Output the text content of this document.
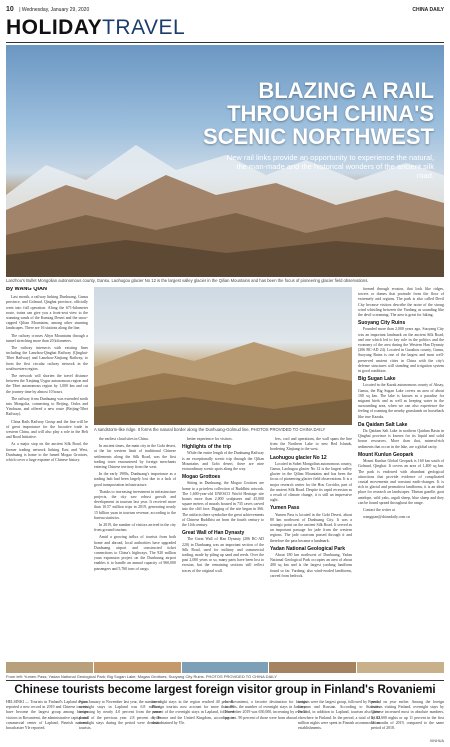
10 | Wednesday, January 29, 2020	CHINA DAILY
HOLIDAYTRAVEL
BLAZING A RAIL THROUGH CHINA'S SCENIC NORTHWEST
New rail links provide an opportunity to experience the natural, the man-made and the historical wonders of the ancient silk road.
Lanzhou's Bullet Mongolian autonomous county, Gansu. Laohugou glacier No 12 is the largest valley glacier in the Qilian Mountains and has been the focus of pioneering glacier field observations.
By WANG QIAN

Last month, a railway linking Dunhuang, Gansu province, and Golmud, Qinghai province, officially went into full operation. Along the 671-kilometer route, trains can give you a front-seat view to the stunning sands of the Kumtag Desert and the snow-capped Qilian Mountains, among other stunning landscapes. There are 16 stations along the line.

The railway crosses Altyn Mountains through a tunnel stretching more than 20 kilometers.

The railway intersects with existing lines including the Lanzhou-Qinghai Railway (Qinghai-Tibet Railway) and Lanzhou-Xinjiang Railway, to form the first circular railway network in the southwestern region.

The network will shorten the travel distance between the Xinjiang Uygur autonomous region and the Tibet autonomous region by 1,000 km and cut the journey time by almost 10 hours.

The railway from Dunhuang was extended north into Mongolia, connecting to Beijing, Ordos and Yinchuan, and offered a new route (Beijing-Tibet Railway).

China Rails Railway Group and the line will be of great importance for the lucrative trade in western China, and will also play a role in the Belt and Road Initiative.

As a major stop on the ancient Silk Road, the former trading network linking East and West, Dunhuang is home to the famed Mogao Grottoes, which cover a large expanse of Chinese history.

A sandstorm-like ridge. It forms the natural border along the Dunhuang-Golmud line. PHOTOS PROVIDED TO CHINA DAILY

the earliest cloud sites in China.

In ancient times, the main city in the Gobi desert, at the far western limit of traditional Chinese settlements along the Silk Road, was the first trading town encountered by foreign merchants entering Chinese territory from the west.

In the early 1900s, Dunhuang's importance as a trading hub had been largely lost due to a lack of good transportation infrastructure.

Thanks to increasing investment in infrastructure projects, the city saw robust growth and development in tourism last year. It received more than 10.57 million trips in 2019, generating nearly 15 billion yuan in tourism revenue, according to the bureau statistics.

In 2019, the number of visitors arrived in the city from ground tourism.

Amid a growing influx of tourists from both home and abroad, local authorities have upgraded Dunhuang airport and constructed ticket connections to China's highways. The 920 million yuan expansion project on the Dunhuang airport enables it to handle an annual capacity of 960,000 passengers and 5,760 tons of cargo.

better experience for visitors.

Highlights of the trip

While the entire length of the Dunhuang Railway is an exceptionally scenic trip through the Qilian Mountains and Gobi desert, there are nine extraordinary scenic spots along the way.

Mogao Grottoes

Sitting in Dunhuang, the Mogao Grottoes are home to a priceless collection of Buddhist artwork. The 1,600-year-old UNESCO World Heritage site boasts more than 2,000 sculptures and 45,000 square meters of murals housed in 735 caves carved into the cliff face. Digging of the site began in 366. The artifacts there symbolize the great achievements of Chinese Buddhist art from the fourth century to the 14th century.

Great Wall of Han Dynasty

The Great Wall of Han Dynasty (206 BC-AD 220) in Dunhuang was an important section of the Silk Road, used for military and commercial trading, made by piling up sand and reeds. Over the past 2,000 years or so, many parts have been lost to erosion, but the remaining sections still reflect traces of the original wall.

lers, cool and operations, the wall spans the line from the Northern Lake to new Red Islands, bordering Xinjiang to the west.

Laohugou glacier No 12

Located in Subei Mongolian autonomous county, Gansu, Laohugou glacier No 12 is the largest valley glacier in the Qilian Mountains and has been the focus of pioneering glacier field observations. It is a major research center for the Hou Corridor, part of the ancient Silk Road. Despite its rapid recession as a result of climate change, it is still an impressive sight.

Yumen Pass

Yumen Pass is located in the Gobi Desert, about 80 km northwest of Dunhuang City. It was a strategic point on the ancient Silk Road. It served as an important passage for jade from the western regions. The jade caravans passed through it and therefore the pass became a landmark.

Yadan National Geological Park

About 180 km northwest of Dunhuang, Yadan National Geological Park occupies an area of about 400 sq km and is the largest yardang landform found so far. Yardang, also wind-eroded landforms, carved from bedrock.

formed through erosion, that look like ridges, towers or domes that protrude from the floor of extremely arid regions. The park is also called Devil City because visitors describe the noise of the strong wind whistling between the Yardang as sounding like the devil screaming. The area is great for hiking.

Suoyang City Ruins

Founded more than 2,000 years ago, Suoyang City was an important landmark on the ancient Silk Road, and one which led to key role in the politics and the economy of the area during the Western Han Dynasty (206 BC-AD 24). Located in Guazhou county, Gansu, Suoyang Ruins is one of the largest and most well-preserved ancient cities in China with the city's defense structures still standing and irrigation system in good condition.

Big Sugan Lake

Located in the Kazak autonomous county of Aksay, Gansu, the Big Sugan Lake covers an area of about 100 sq km. The lake is known as a paradise for migrant birds and as well as keeping water in the surrounding area, when we can also experience the feeling of roaming the nearby grasslands on horseback like true Kazaks.

Da Qaidam Salt Lake

Da Qaidam Salt Lake in northern Qaidam Basin in Qinghai province is known for its liquid and solid boron resources. More than that, mineral-rich sediments that occur in the lake, are a global rarity.

Mount Kunlun Geopark

Mount Kunlun Global Geopark is 160 km south of Golmud, Qinghai. It covers an area of 1,400 sq km. The park is endowed with abundant geological attractions that provide evidence of complicated crustal movements and constant earth-changes. It is rich in glacial and permafrost landforms, it is an ideal place for research on landscapes. Tibetan gazelle, goat antelope, wild yaks, argali sheep, blue sheep and they can be found spread throughout the range.

Contact the writer at

wangqian@chinadaily.com.cn

From left: Yumen Pass; Yadan National Geological Park; Big Sugan Lake; Mogao Grottoes; Suoyang City Ruins. PHOTOS PROVIDED TO CHINA DAILY
Chinese tourists become largest foreign visitor group in Finland's Rovaniemi

HELSINKI — Tourists in Finland's Lapland region reported a new record in 2019 and Chinese tourists have become the largest group among foreign visitors in Rovaniemi, the administrative capital and commercial center of Lapland, Finnish national broadcaster Yle reported.

From January to November last year, the number of overnight stays in Lapland was 6.8 million, increasing by nearly 4.0 percent from the same period of the previous year. 2.8 percent of the overnight stays during the period were domestic tourists.

overnight stays in the region reached 40 percent. Foreign tourists now account for more than 80 percent of the overnight stays in Lapland, followed by France and the United Kingdom, according to data obtained by Yle.

In Rovaniemi, a favorite destination for foreign tourists, the number of overnight stays in January-November 2019 was 650,000, increasing by over 11 percent. 90 percent of those were from abroad.

tourists were the largest group, followed by French, German and Russian. According to Statistics Finland, in addition to Lapland, tourism also grew elsewhere in Finland. In the period, a total of 21.62 million nights were spent in Finnish accommodation establishments.

period on year earlier. Among the foreign tourists visiting Finland, overnight stays by Chinese increased most in absolute numbers, by 43,600 nights or up 11 percent in the first 11 months of 2019, compared to the same period of 2018.

XINHUA
